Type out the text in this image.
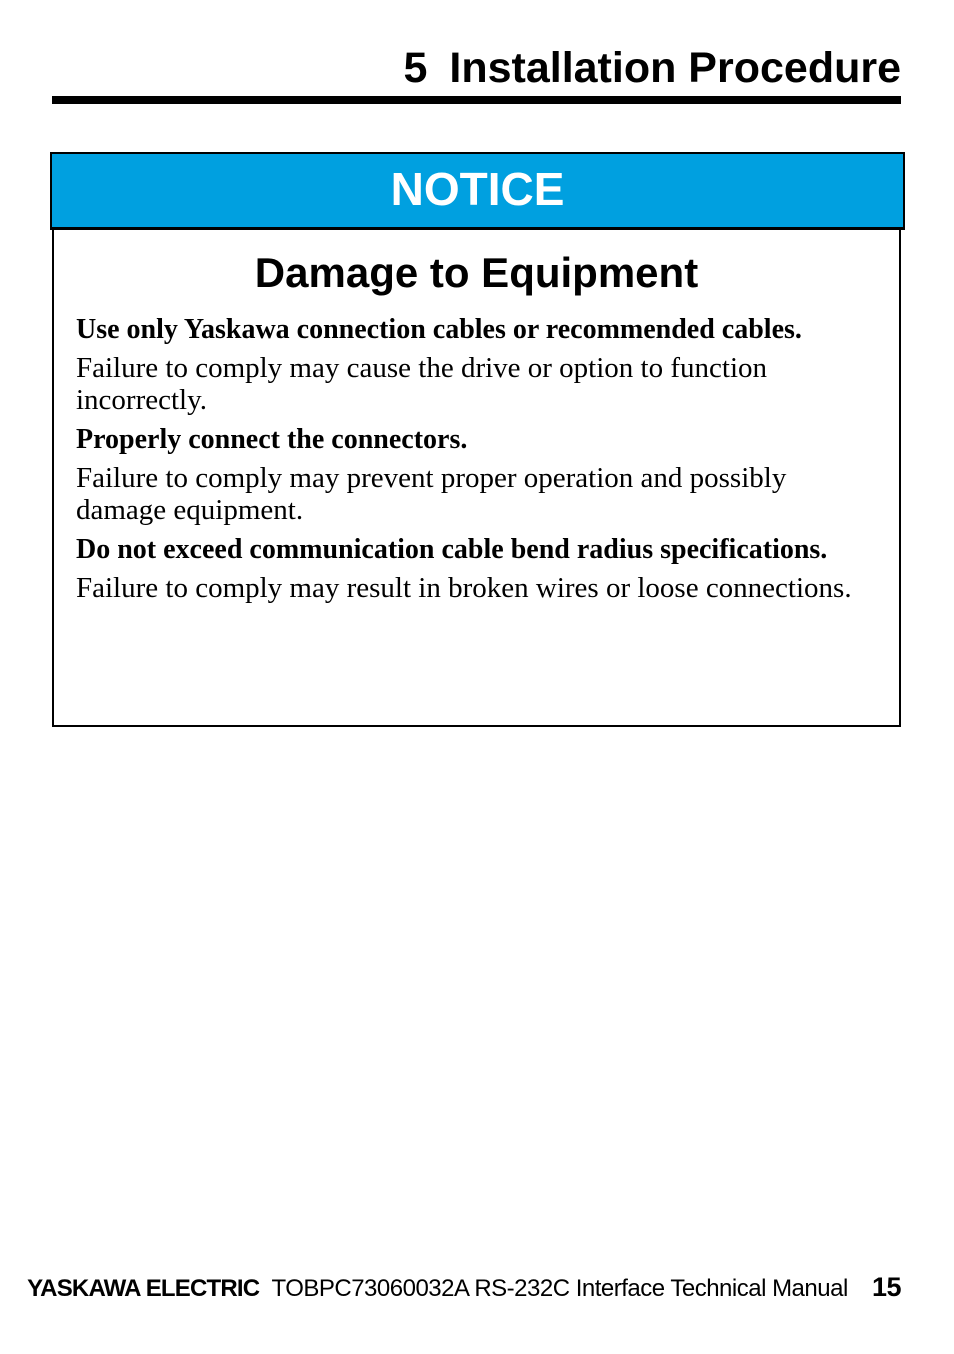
5 Installation Procedure
NOTICE
Damage to Equipment

Use only Yaskawa connection cables or recommended cables.

Failure to comply may cause the drive or option to function incorrectly.

Properly connect the connectors.

Failure to comply may prevent proper operation and possibly damage equipment.

Do not exceed communication cable bend radius specifications.

Failure to comply may result in broken wires or loose connections.

YASKAWA ELECTRIC TOBPC73060032A RS-232C Interface Technical Manual 15
